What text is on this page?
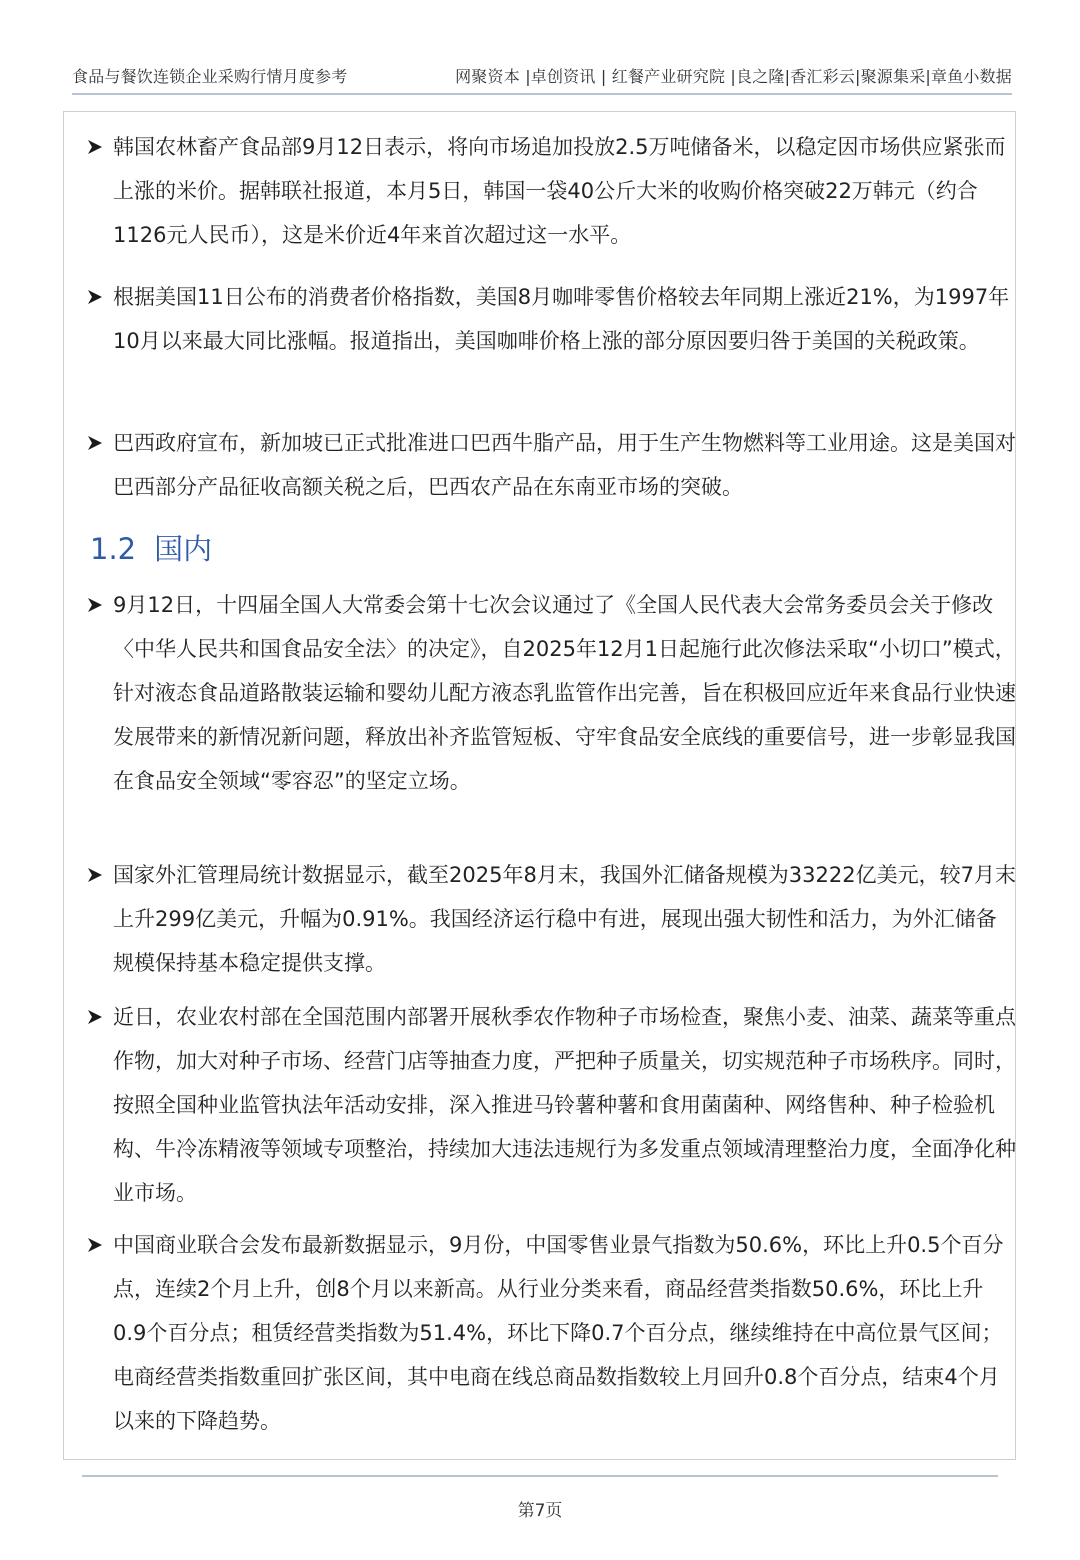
食品与餐饮连锁企业采购行情月度参考	网聚资本 |卓创资讯 | 红餐产业研究院 |良之隆|香汇彩云|聚源集采|章鱼小数据
韩国农林畜产食品部9月12日表示，将向市场追加投放2.5万吨储备米，以稳定因市场供应紧张而上涨的米价。据韩联社报道，本月5日，韩国一袋40公斤大米的收购价格突破22万韩元（约合1126元人民币），这是米价近4年来首次超过这一水平。
根据美国11日公布的消费者价格指数，美国8月咖啡零售价格较去年同期上涨近21%，为1997年10月以来最大同比涨幅。报道指出，美国咖啡价格上涨的部分原因要归咎于美国的关税政策。
巴西政府宣布，新加坡已正式批准进口巴西牛脂产品，用于生产生物燃料等工业用途。这是美国对巴西部分产品征收高额关税之后，巴西农产品在东南亚市场的突破。
1.2 国内
9月12日，十四届全国人大常委会第十七次会议通过了《全国人民代表大会常务委员会关于修改〈中华人民共和国食品安全法〉的决定》，自2025年12月1日起施行此次修法采取“小切口”模式，针对液态食品道路散装运输和婴幼儿配方液态乳监管作出完善，旨在积极回应近年来食品行业快速发展带来的新情况新问题，释放出补齐监管短板、守牢食品安全底线的重要信号，进一步彰显我国在食品安全领域“零容忍”的坚定立场。
国家外汇管理局统计数据显示，截至2025年8月末，我国外汇储备规模为33222亿美元，较7月末上升299亿美元，升幅为0.91%。我国经济运行稳中有进，展现出强大韧性和活力，为外汇储备规模保持基本稳定提供支撑。
近日，农业农村部在全国范围内部署开展秋季农作物种子市场检查，聚焦小麦、油菜、蔬菜等重点作物，加大对种子市场、经营门店等抽查力度，严把种子质量关，切实规范种子市场秩序。同时，按照全国种业监管执法年活动安排，深入推进马铃薯种薯和食用菌菌种、网络售种、种子检验机构、牛冷冻精液等领域专项整治，持续加大违法违规行为多发重点领域清理整治力度，全面净化种业市场。
中国商业联合会发布最新数据显示，9月份，中国零售业景气指数为50.6%，环比上升0.5个百分点，连续2个月上升，创8个月以来新高。从行业分类来看，商品经营类指数50.6%，环比上升0.9个百分点；租赁经营类指数为51.4%，环比下降0.7个百分点，继续维持在中高位景气区间；电商经营类指数重回扩张区间，其中电商在线总商品数指数较上月回升0.8个百分点，结束4个月以来的下降趋势。
第7页
